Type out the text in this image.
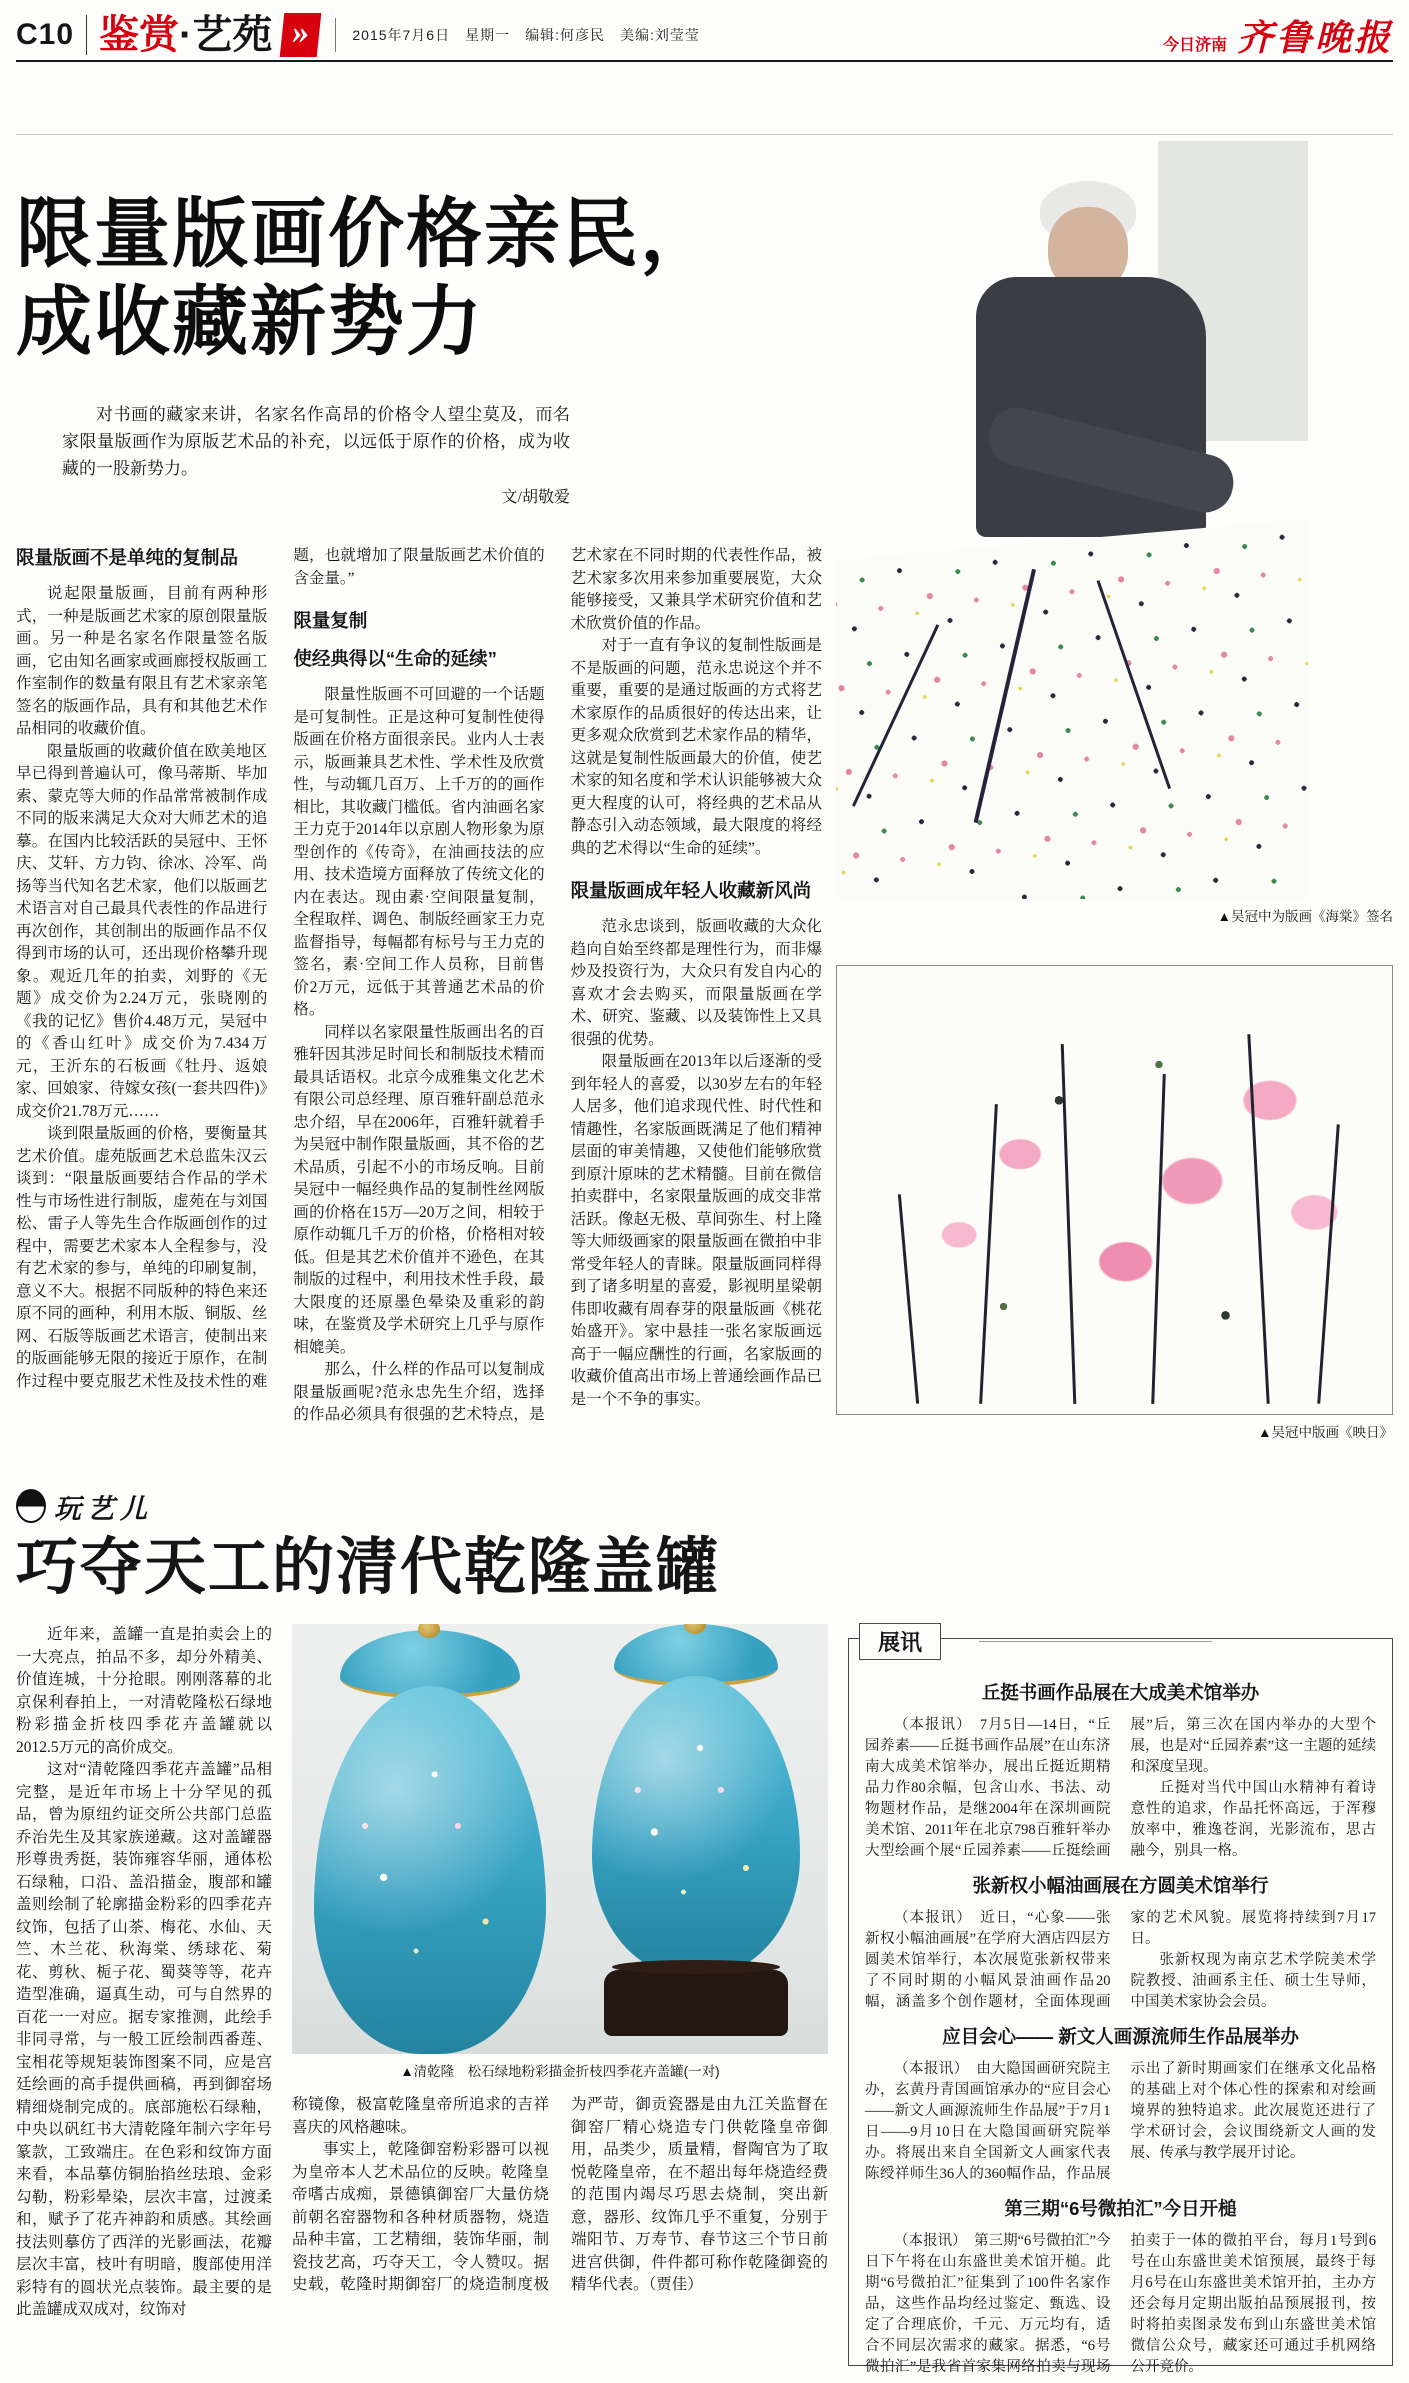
C10 鉴赏·艺苑 »	2015年7月6日　星期一　编辑:何彦民　美编:刘莹莹
今日济南 齐鲁晚报
限量版画价格亲民，
成收藏新势力
对书画的藏家来讲，名家名作高昂的价格令人望尘莫及，而名家限量版画作为原版艺术品的补充，以远低于原作的价格，成为收藏的一股新势力。
文/胡敬爱
限量版画不是单纯的复制品
说起限量版画，目前有两种形式，一种是版画艺术家的原创限量版画。另一种是名家名作限量签名版画，它由知名画家或画廊授权版画工作室制作的数量有限且有艺术家亲笔签名的版画作品，具有和其他艺术作品相同的收藏价值。
限量版画的收藏价值在欧美地区早已得到普遍认可，像马蒂斯、毕加索、蒙克等大师的作品常常被制作成不同的版来满足大众对大师艺术的追摹。在国内比较活跃的吴冠中、王怀庆、艾轩、方力钧、徐冰、冷军、尚扬等当代知名艺术家，他们以版画艺术语言对自己最具代表性的作品进行再次创作，其创制出的版画作品不仅得到市场的认可，还出现价格攀升现象。观近几年的拍卖，刘野的《无题》成交价为2.24万元，张晓刚的《我的记忆》售价4.48万元，吴冠中的《香山红叶》成交价为7.434万元，王沂东的石板画《牡丹、返娘家、回娘家、待嫁女孩(一套共四件)》成交价21.78万元……
谈到限量版画的价格，要衡量其艺术价值。虚苑版画艺术总监朱汉云谈到：“限量版画要结合作品的学术性与市场性进行制版，虚苑在与刘国松、雷子人等先生合作版画创作的过程中，需要艺术家本人全程参与，没有艺术家的参与，单纯的印刷复制，意义不大。根据不同版种的特色来还原不同的画种，利用木版、铜版、丝网、石版等版画艺术语言，使制出来的版画能够无限的接近于原作，在制作过程中要克服艺术性及技术性的难题，也就增加了限量版画艺术价值的含金量。”
限量复制
使经典得以“生命的延续”
限量性版画不可回避的一个话题是可复制性。正是这种可复制性使得版画在价格方面很亲民。业内人士表示，版画兼具艺术性、学术性及欣赏性，与动辄几百万、上千万的的画作相比，其收藏门槛低。省内油画名家王力克于2014年以京剧人物形象为原型创作的《传奇》，在油画技法的应用、技术造境方面释放了传统文化的内在表达。现由素·空间限量复制，全程取样、调色、制版经画家王力克监督指导，每幅都有标号与王力克的签名，素·空间工作人员称，目前售价2万元，远低于其普通艺术品的价格。
同样以名家限量性版画出名的百雅轩因其涉足时间长和制版技术精而最具话语权。北京今成雅集文化艺术有限公司总经理、原百雅轩副总范永忠介绍，早在2006年，百雅轩就着手为吴冠中制作限量版画，其不俗的艺术品质，引起不小的市场反响。目前吴冠中一幅经典作品的复制性丝网版画的价格在15万—20万之间，相较于原作动辄几千万的价格，价格相对较低。但是其艺术价值并不逊色，在其制版的过程中，利用技术性手段，最大限度的还原墨色晕染及重彩的韵味，在鉴赏及学术研究上几乎与原作相媲美。
那么，什么样的作品可以复制成限量版画呢?范永忠先生介绍，选择的作品必须具有很强的艺术特点，是艺术家在不同时期的代表性作品，被艺术家多次用来参加重要展览，大众能够接受，又兼具学术研究价值和艺术欣赏价值的作品。
对于一直有争议的复制性版画是不是版画的问题，范永忠说这个并不重要，重要的是通过版画的方式将艺术家原作的品质很好的传达出来，让更多观众欣赏到艺术家作品的精华，这就是复制性版画最大的价值，使艺术家的知名度和学术认识能够被大众更大程度的认可，将经典的艺术品从静态引入动态领域，最大限度的将经典的艺术得以“生命的延续”。
限量版画成年轻人收藏新风尚
范永忠谈到，版画收藏的大众化趋向自始至终都是理性行为，而非爆炒及投资行为，大众只有发自内心的喜欢才会去购买，而限量版画在学术、研究、鉴藏、以及装饰性上又具很强的优势。
限量版画在2013年以后逐渐的受到年轻人的喜爱，以30岁左右的年轻人居多，他们追求现代性、时代性和情趣性，名家版画既满足了他们精神层面的审美情趣，又使他们能够欣赏到原汁原味的艺术精髓。目前在微信拍卖群中，名家限量版画的成交非常活跃。像赵无极、草间弥生、村上隆等大师级画家的限量版画在微拍中非常受年轻人的青睐。限量版画同样得到了诸多明星的喜爱，影视明星梁朝伟即收藏有周春芽的限量版画《桃花始盛开》。家中悬挂一张名家版画远高于一幅应酬性的行画，名家版画的收藏价值高出市场上普通绘画作品已是一个不争的事实。
▲吴冠中为版画《海棠》签名
▲吴冠中版画《映日》
玩艺儿
巧夺天工的清代乾隆盖罐
近年来，盖罐一直是拍卖会上的一大亮点，拍品不多，却分外精美、价值连城，十分抢眼。刚刚落幕的北京保利春拍上，一对清乾隆松石绿地粉彩描金折枝四季花卉盖罐就以2012.5万元的高价成交。
这对“清乾隆四季花卉盖罐”品相完整，是近年市场上十分罕见的孤品，曾为原纽约证交所公共部门总监乔治先生及其家族递藏。这对盖罐器形尊贵秀挺，装饰雍容华丽，通体松石绿釉，口沿、盖沿描金，腹部和罐盖则绘制了轮廓描金粉彩的四季花卉纹饰，包括了山茶、梅花、水仙、天竺、木兰花、秋海棠、绣球花、菊花、剪秋、栀子花、蜀葵等等，花卉造型准确，逼真生动，可与自然界的百花一一对应。据专家推测，此绘手非同寻常，与一般工匠绘制西番莲、宝相花等规矩装饰图案不同，应是宫廷绘画的高手提供画稿，再到御窑场精细烧制完成的。底部施松石绿釉，中央以矾红书大清乾隆年制六字年号篆款，工致端庄。在色彩和纹饰方面来看，本品摹仿铜胎掐丝珐琅、金彩勾勒，粉彩晕染，层次丰富，过渡柔和，赋予了花卉神韵和质感。其绘画技法则摹仿了西洋的光影画法，花瓣层次丰富，枝叶有明暗，腹部使用洋彩特有的圆状光点装饰。最主要的是此盖罐成双成对，纹饰对
▲清乾隆　松石绿地粉彩描金折枝四季花卉盖罐(一对)
称镜像，极富乾隆皇帝所追求的吉祥喜庆的风格趣味。
事实上，乾隆御窑粉彩器可以视为皇帝本人艺术品位的反映。乾隆皇帝嗜古成痴，景德镇御窑厂大量仿烧前朝名窑器物和各种材质器物，烧造品种丰富，工艺精细，装饰华丽，制瓷技艺高，巧夺天工，令人赞叹。据史载，乾隆时期御窑厂的烧造制度极为严苛，御贡瓷器是由九江关监督在御窑厂精心烧造专门供乾隆皇帝御用，品类少，质量精，督陶官为了取悦乾隆皇帝，在不超出每年烧造经费的范围内竭尽巧思去烧制，突出新意，器形、纹饰几乎不重复，分别于端阳节、万寿节、春节这三个节日前进宫供御，件件都可称作乾隆御瓷的精华代表。（贾佳）
展讯
丘挺书画作品展在大成美术馆举办

（本报讯）　7月5日—14日，“丘园养素——丘挺书画作品展”在山东济南大成美术馆举办，展出丘挺近期精品力作80余幅，包含山水、书法、动物题材作品，是继2004年在深圳画院美术馆、2011年在北京798百雅轩举办大型绘画个展“丘园养素——丘挺绘画展”后，第三次在国内举办的大型个展，也是对“丘园养素”这一主题的延续和深度呈现。

丘挺对当代中国山水精神有着诗意性的追求，作品托怀高远，于浑穆放率中，雅逸苍润，光影流布，思古融今，别具一格。

张新权小幅油画展在方圆美术馆举行

（本报讯）　近日，“心象——张新权小幅油画展”在学府大酒店四层方圆美术馆举行，本次展览张新权带来了不同时期的小幅风景油画作品20幅，涵盖多个创作题材，全面体现画家的艺术风貌。展览将持续到7月17日。

张新权现为南京艺术学院美术学院教授、油画系主任、硕士生导师，中国美术家协会会员。

应目会心—— 新文人画源流师生作品展举办

（本报讯）　由大隐国画研究院主办，玄黄丹青国画馆承办的“应目会心——新文人画源流师生作品展”于7月1日——9月10日在大隐国画研究院举办。将展出来自全国新文人画家代表陈绶祥师生36人的360幅作品，作品展示出了新时期画家们在继承文化品格的基础上对个体心性的探索和对绘画境界的独特追求。此次展览还进行了学术研讨会，会议围绕新文人画的发展、传承与教学展开讨论。

第三期“6号微拍汇”今日开槌

（本报讯）　第三期“6号微拍汇”今日下午将在山东盛世美术馆开槌。此期“6号微拍汇”征集到了100件名家作品，这些作品均经过鉴定、甄选、设定了合理底价，千元、万元均有，适合不同层次需求的藏家。据悉，“6号微拍汇”是我省首家集网络拍卖与现场拍卖于一体的微拍平台，每月1号到6号在山东盛世美术馆预展，最终于每月6号在山东盛世美术馆开拍，主办方还会每月定期出版拍品预展报刊，按时将拍卖图录发布到山东盛世美术馆微信公众号，藏家还可通过手机网络公开竞价。
